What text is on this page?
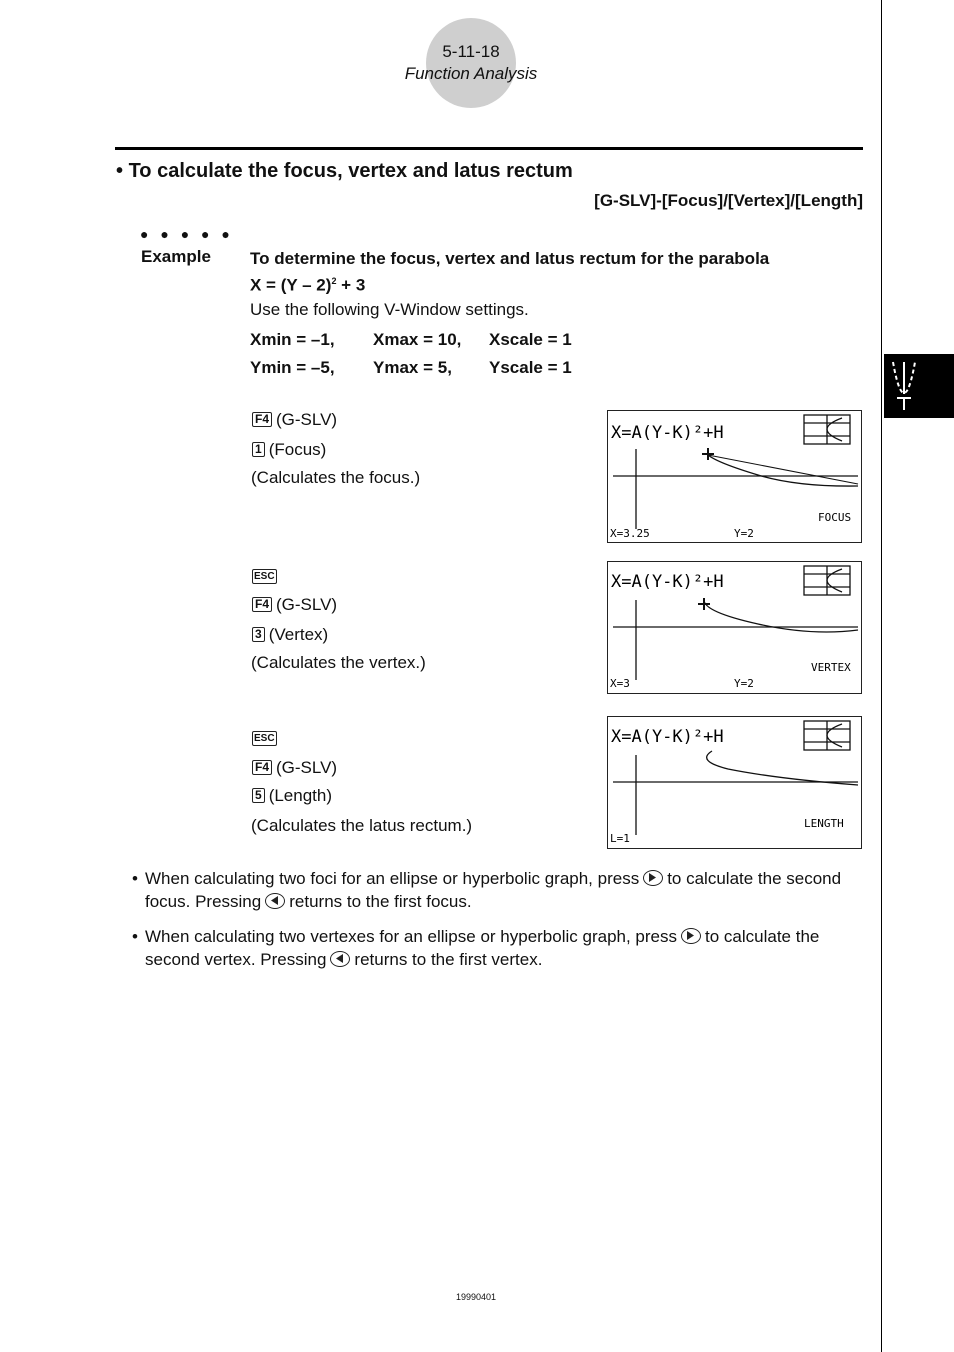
5-11-18
Function Analysis
• To calculate the focus, vertex and latus rectum
[G-SLV]-[Focus]/[Vertex]/[Length]
● ● ● ● ●
Example To determine the focus, vertex and latus rectum for the parabola
X = (Y – 2)$^2$ + 3
Use the following V-Window settings.
Xmin = –1, Xmax = 10, Xscale = 1
Ymin = –5, Ymax = 5, Yscale = 1
F4 (G-SLV)
1 (Focus)
(Calculates the focus.)
ESC
F4 (G-SLV)
3 (Vertex)
(Calculates the vertex.)
ESC
F4 (G-SLV)
5 (Length)
(Calculates the latus rectum.)
X=A(Y-K)²+H
FOCUS
X=3.25	Y=2
X=A(Y-K)²+H
VERTEX
X=3	Y=2
X=A(Y-K)²+H
LENGTH
L=1
• When calculating two foci for an ellipse or hyperbolic graph, press to calculate the second focus. Pressing returns to the first focus.
• When calculating two vertexes for an ellipse or hyperbolic graph, press to calculate the second vertex. Pressing returns to the first vertex.
19990401
